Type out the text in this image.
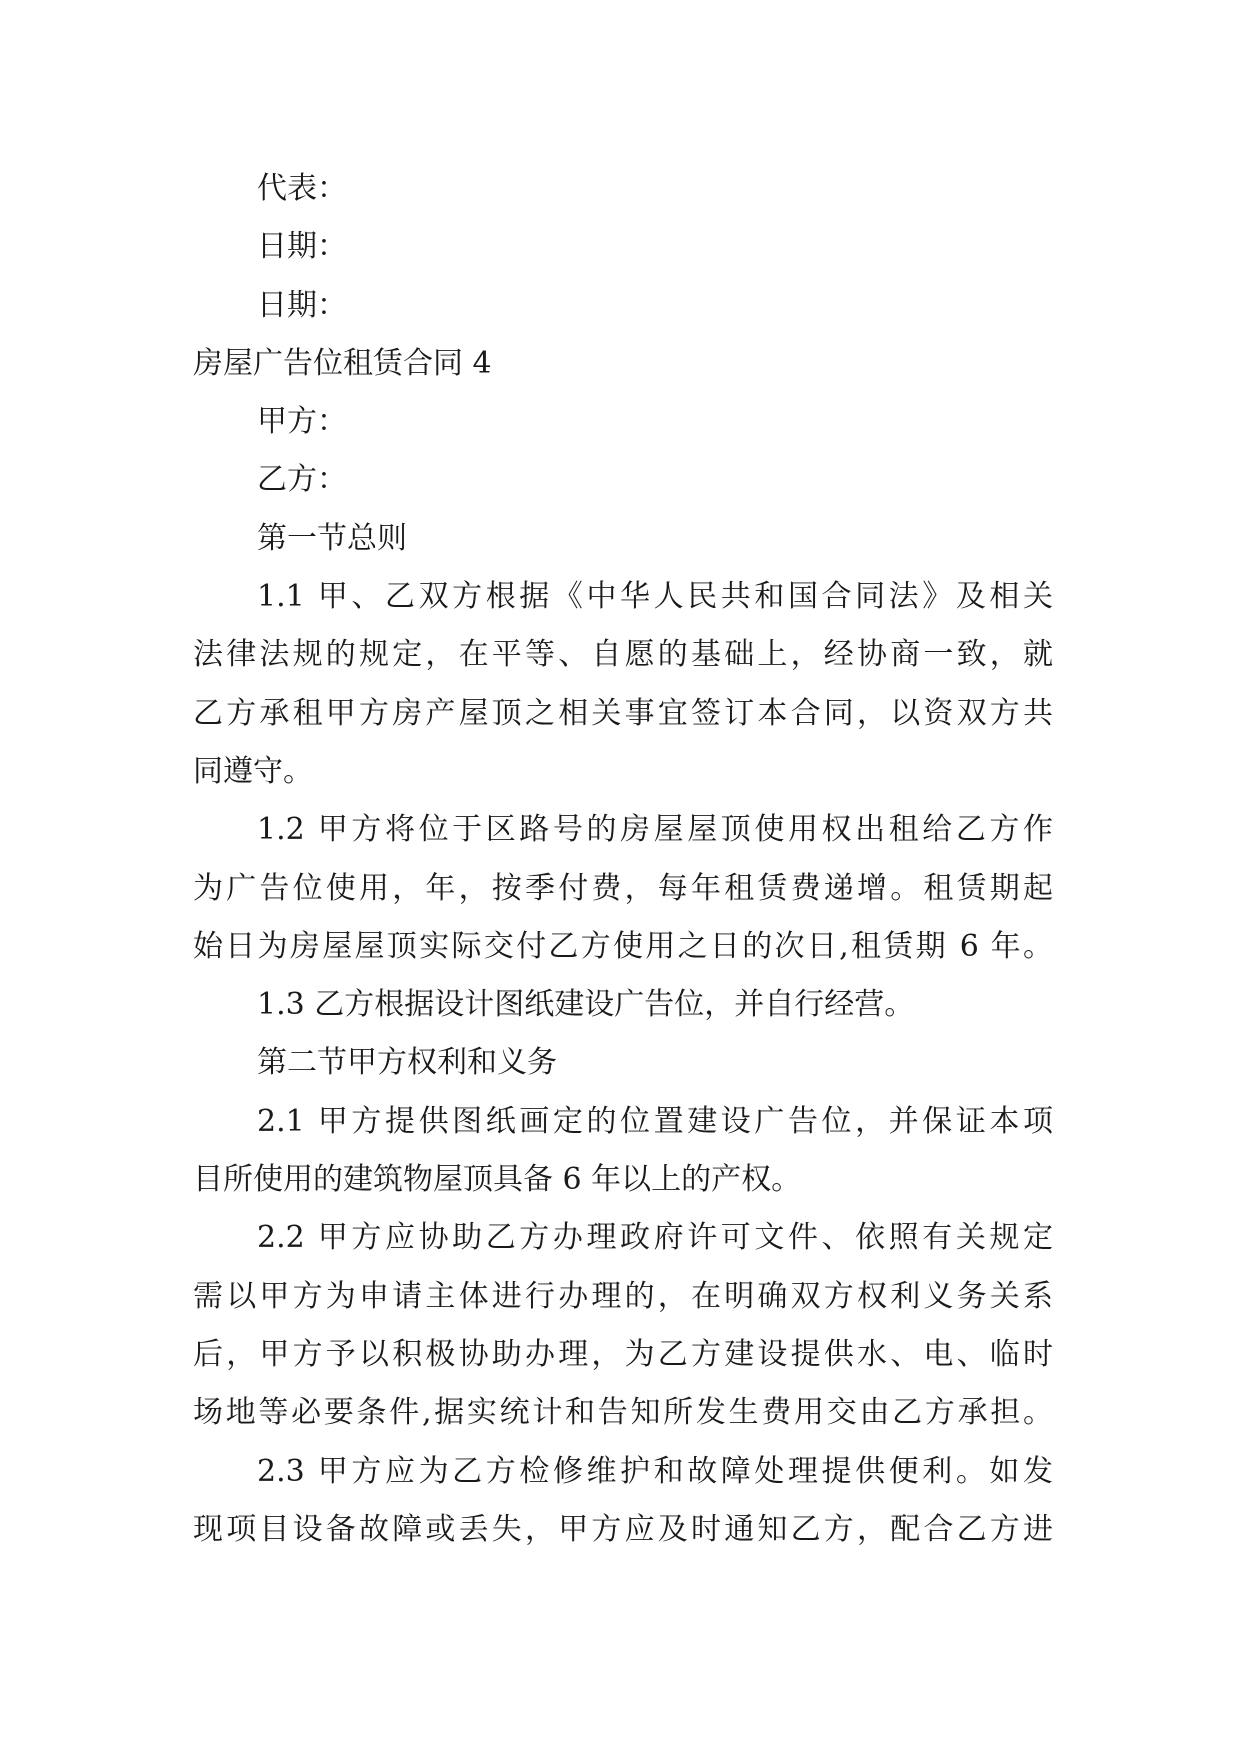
代表：
日期：
日期：
房屋广告位租赁合同 4
甲方：
乙方：
第一节总则
1.1 甲、乙双方根据《中华人民共和国合同法》及相关
法律法规的规定，在平等、自愿的基础上，经协商一致，就
乙方承租甲方房产屋顶之相关事宜签订本合同，以资双方共
同遵守。
1.2 甲方将位于区路号的房屋屋顶使用权出租给乙方作
为广告位使用，年，按季付费，每年租赁费递增。租赁期起
始日为房屋屋顶实际交付乙方使用之日的次日,租赁期 6 年。
1.3 乙方根据设计图纸建设广告位，并自行经营。
第二节甲方权利和义务
2.1 甲方提供图纸画定的位置建设广告位，并保证本项
目所使用的建筑物屋顶具备 6 年以上的产权。
2.2 甲方应协助乙方办理政府许可文件、依照有关规定
需以甲方为申请主体进行办理的，在明确双方权利义务关系
后，甲方予以积极协助办理，为乙方建设提供水、电、临时
场地等必要条件,据实统计和告知所发生费用交由乙方承担。
2.3 甲方应为乙方检修维护和故障处理提供便利。如发
现项目设备故障或丢失，甲方应及时通知乙方，配合乙方进
